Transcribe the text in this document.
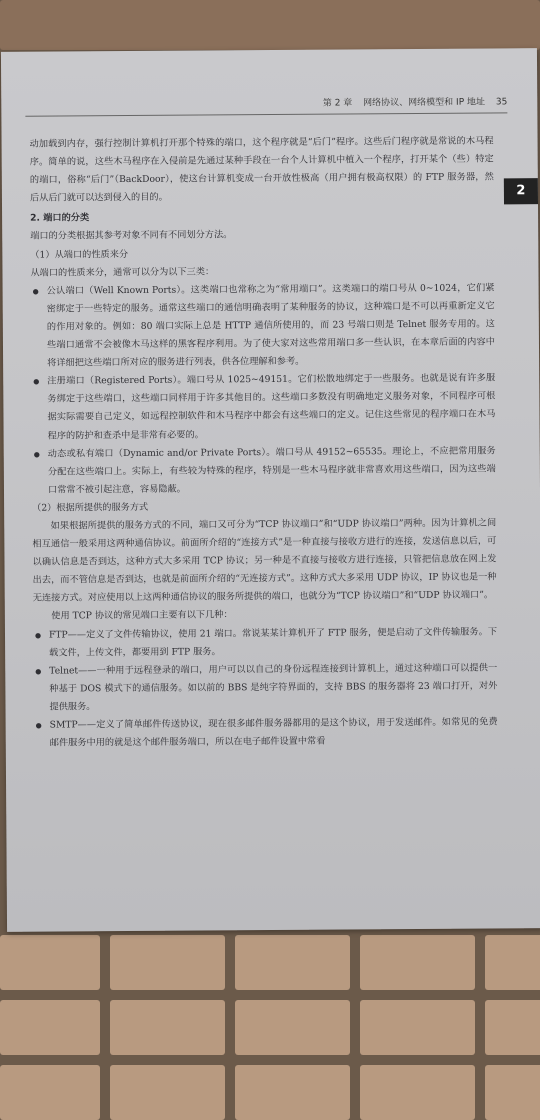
第 2 章 网络协议、网络模型和 IP 地址 35
2

动加载到内存，强行控制计算机打开那个特殊的端口，这个程序就是“后门”程序。这些后门程序就是常说的木马程序。简单的说，这些木马程序在入侵前是先通过某种手段在一台个人计算机中植入一个程序，打开某个（些）特定的端口，俗称“后门”（BackDoor），使这台计算机变成一台开放性极高（用户拥有极高权限）的 FTP 服务器，然后从后门就可以达到侵入的目的。

2. 端口的分类

端口的分类根据其参考对象不同有不同划分方法。

（1）从端口的性质来分

从端口的性质来分，通常可以分为以下三类：

● 公认端口（Well Known Ports）。这类端口也常称之为“常用端口”。这类端口的端口号从 0~1024，它们紧密绑定于一些特定的服务。通常这些端口的通信明确表明了某种服务的协议，这种端口是不可以再重新定义它的作用对象的。例如：80 端口实际上总是 HTTP 通信所使用的，而 23 号端口则是 Telnet 服务专用的。这些端口通常不会被像木马这样的黑客程序利用。为了使大家对这些常用端口多一些认识，在本章后面的内容中将详细把这些端口所对应的服务进行列表，供各位理解和参考。

● 注册端口（Registered Ports）。端口号从 1025~49151。它们松散地绑定于一些服务。也就是说有许多服务绑定于这些端口，这些端口同样用于许多其他目的。这些端口多数没有明确地定义服务对象，不同程序可根据实际需要自己定义，如远程控制软件和木马程序中都会有这些端口的定义。记住这些常见的程序端口在木马程序的防护和查杀中是非常有必要的。

● 动态或私有端口（Dynamic and/or Private Ports）。端口号从 49152~65535。理论上，不应把常用服务分配在这些端口上。实际上，有些较为特殊的程序，特别是一些木马程序就非常喜欢用这些端口，因为这些端口常常不被引起注意，容易隐蔽。

（2）根据所提供的服务方式

如果根据所提供的服务方式的不同，端口又可分为“TCP 协议端口”和“UDP 协议端口”两种。因为计算机之间相互通信一般采用这两种通信协议。前面所介绍的“连接方式”是一种直接与接收方进行的连接，发送信息以后，可以确认信息是否到达，这种方式大多采用 TCP 协议；另一种是不直接与接收方进行连接，只管把信息放在网上发出去，而不管信息是否到达，也就是前面所介绍的“无连接方式”。这种方式大多采用 UDP 协议，IP 协议也是一种无连接方式。对应使用以上这两种通信协议的服务所提供的端口，也就分为“TCP 协议端口”和“UDP 协议端口”。

使用 TCP 协议的常见端口主要有以下几种：

● FTP——定义了文件传输协议，使用 21 端口。常说某某计算机开了 FTP 服务，便是启动了文件传输服务。下载文件，上传文件，都要用到 FTP 服务。

● Telnet——一种用于远程登录的端口，用户可以以自己的身份远程连接到计算机上，通过这种端口可以提供一种基于 DOS 模式下的通信服务。如以前的 BBS 是纯字符界面的，支持 BBS 的服务器将 23 端口打开，对外提供服务。

● SMTP——定义了简单邮件传送协议，现在很多邮件服务器都用的是这个协议，用于发送邮件。如常见的免费邮件服务中用的就是这个邮件服务端口，所以在电子邮件设置中常看
